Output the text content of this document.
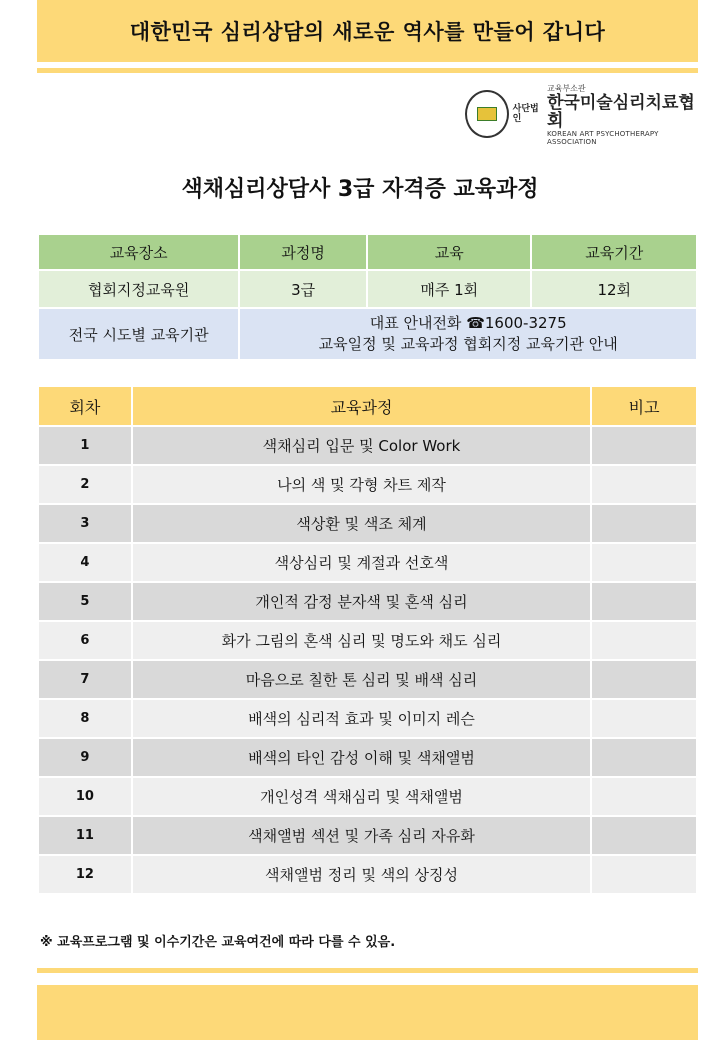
대한민국 심리상담의 새로운 역사를 만들어 갑니다
사단법인
교육부소관
한국미술심리치료협회
KOREAN ART PSYCHOTHERAPY ASSOCIATION
색채심리상담사 3급 자격증 교육과정
교육장소	과정명	교육	교육기간
협회지정교육원	3급	매주 1회	12회
전국 시도별 교육기관	대표 안내전화 ☎1600-3275
교육일정 및 교육과정 협회지정 교육기관 안내		
회차	교육과정	비고
1	색채심리 입문 및 Color Work	
2	나의 색 및 각형 차트 제작	
3	색상환 및 색조 체계	
4	색상심리 및 계절과 선호색	
5	개인적 감정 분자색 및 혼색 심리	
6	화가 그림의 혼색 심리 및 명도와 채도 심리	
7	마음으로 칠한 톤 심리 및 배색 심리	
8	배색의 심리적 효과 및 이미지 레슨	
9	배색의 타인 감성 이해 및 색채앨범	
10	개인성격 색채심리 및 색채앨범	
11	색채앨범 섹션 및 가족 심리 자유화	
12	색채앨범 정리 및 색의 상징성	
※ 교육프로그램 및 이수기간은 교육여건에 따라 다를 수 있음.
